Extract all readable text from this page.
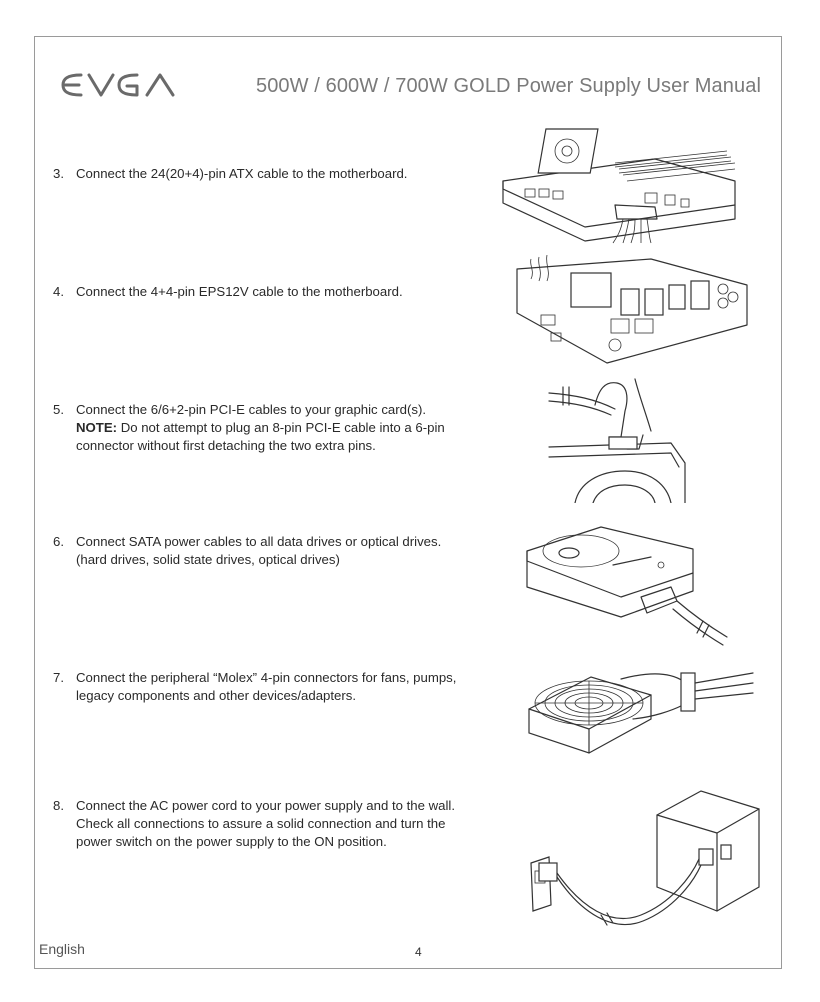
500W / 600W / 700W GOLD Power Supply User Manual
3. Connect the 24(20+4)-pin ATX cable to the motherboard.
4. Connect the 4+4-pin EPS12V cable to the motherboard.
5. Connect the 6/6+2-pin PCI-E cables to your graphic card(s).
NOTE: Do not attempt to plug an 8-pin PCI-E cable into a 6-pin
connector without first detaching the two extra pins.
6. Connect SATA power cables to all data drives or optical drives.
(hard drives, solid state drives, optical drives)
7. Connect the peripheral “Molex” 4-pin connectors for fans, pumps,
legacy components and other devices/adapters.
8. Connect the AC power cord to your power supply and to the wall.
Check all connections to assure a solid connection and turn the
power switch on the power supply to the ON position.
English	4
